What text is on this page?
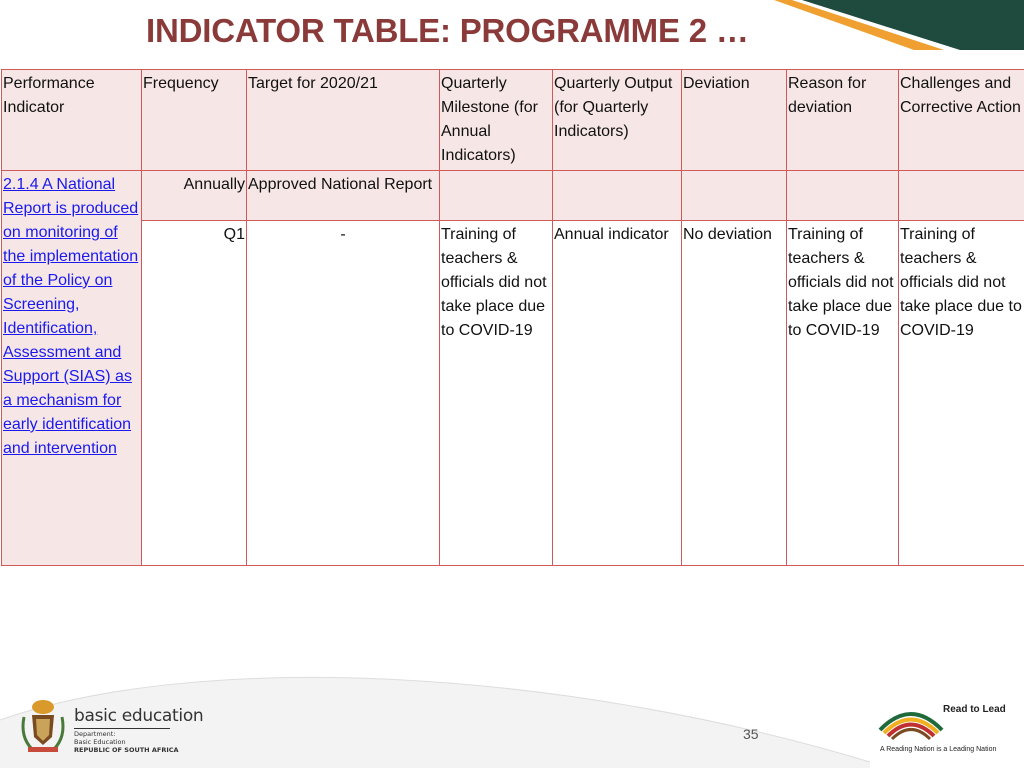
INDICATOR TABLE: PROGRAMME 2 …
Performance Indicator	Frequency	Target for 2020/21	Quarterly Milestone (for Annual Indicators)	Quarterly Output (for Quarterly Indicators)	Deviation	Reason for deviation	Challenges and Corrective Action
2.1.4 A National Report is produced on monitoring of the implementation of the Policy on Screening, Identification, Assessment and Support (SIAS) as a mechanism for early identification and intervention	Annually	Approved National Report					
	Q1	-	Training of teachers & officials did not take place due to COVID-19	Annual indicator	No deviation	Training of teachers & officials did not take place due to COVID-19	Training of teachers & officials did not take place due to COVID-19
35
basic education
Department:
Basic Education
REPUBLIC OF SOUTH AFRICA
Read to Lead
A Reading Nation is a Leading Nation
